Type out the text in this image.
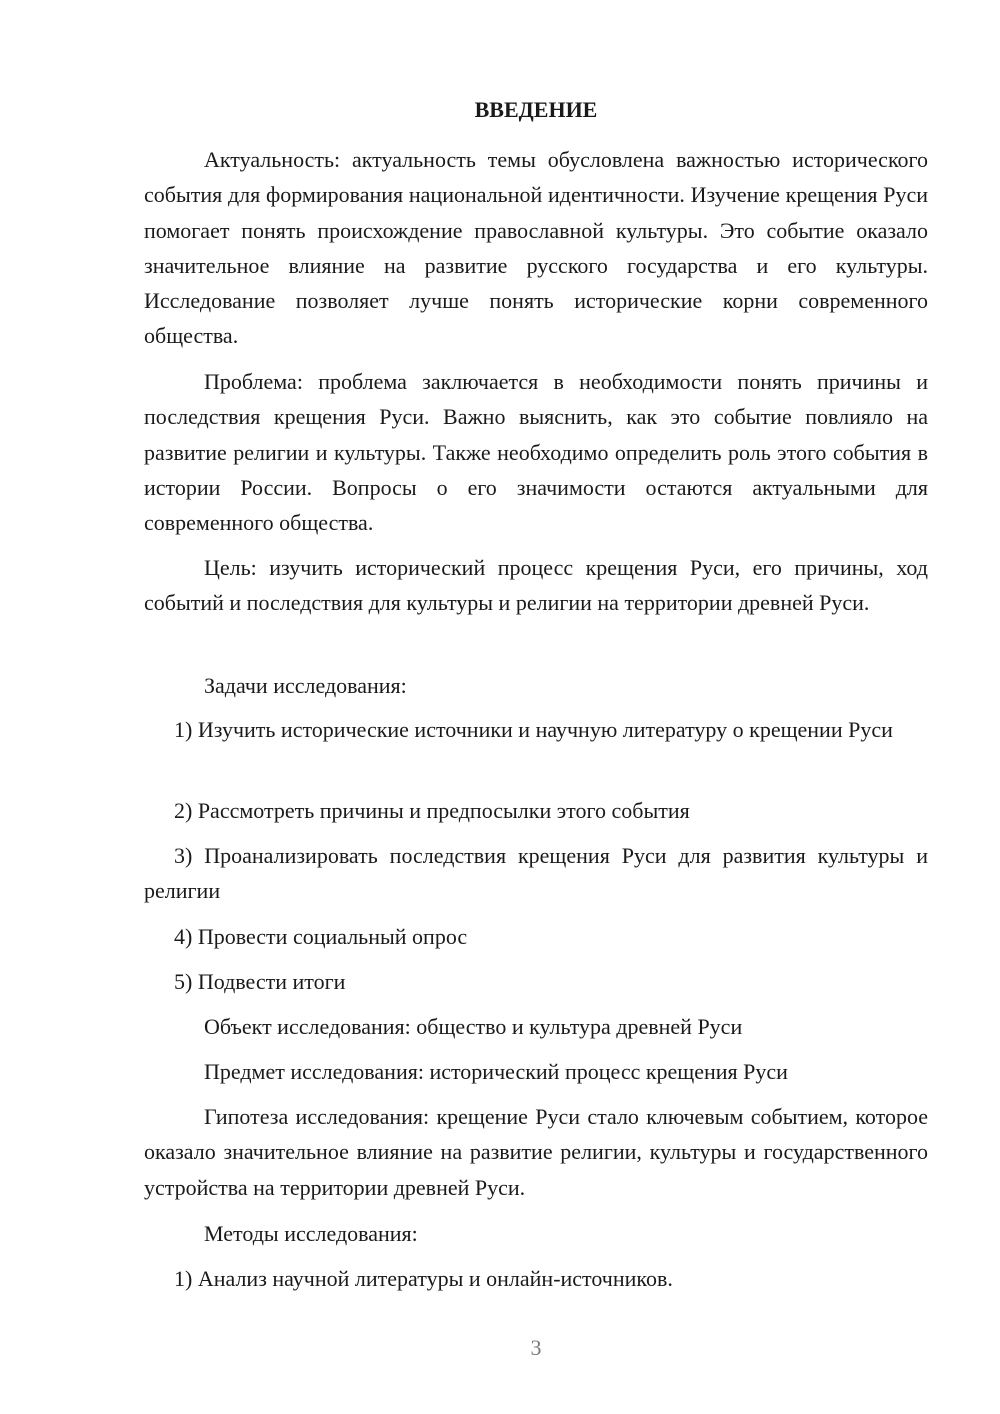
ВВЕДЕНИЕ

Актуальность: актуальность темы обусловлена важностью исторического события для формирования национальной идентичности. Изучение крещения Руси помогает понять происхождение православной культуры. Это событие оказало значительное влияние на развитие русского государства и его культуры. Исследование позволяет лучше понять исторические корни современного общества.

Проблема: проблема заключается в необходимости понять причины и последствия крещения Руси. Важно выяснить, как это событие повлияло на развитие религии и культуры. Также необходимо определить роль этого события в истории России. Вопросы о его значимости остаются актуальными для современного общества.

Цель: изучить исторический процесс крещения Руси, его причины, ход событий и последствия для культуры и религии на территории древней Руси.

Задачи исследования:

1) Изучить исторические источники и научную литературу о крещении Руси

2) Рассмотреть причины и предпосылки этого события

3) Проанализировать последствия крещения Руси для развития культуры и религии

4) Провести социальный опрос

5) Подвести итоги

Объект исследования: общество и культура древней Руси

Предмет исследования: исторический процесс крещения Руси

Гипотеза исследования: крещение Руси стало ключевым событием, которое оказало значительное влияние на развитие религии, культуры и государственного устройства на территории древней Руси.

Методы исследования:

1) Анализ научной литературы и онлайн-источников.

3
